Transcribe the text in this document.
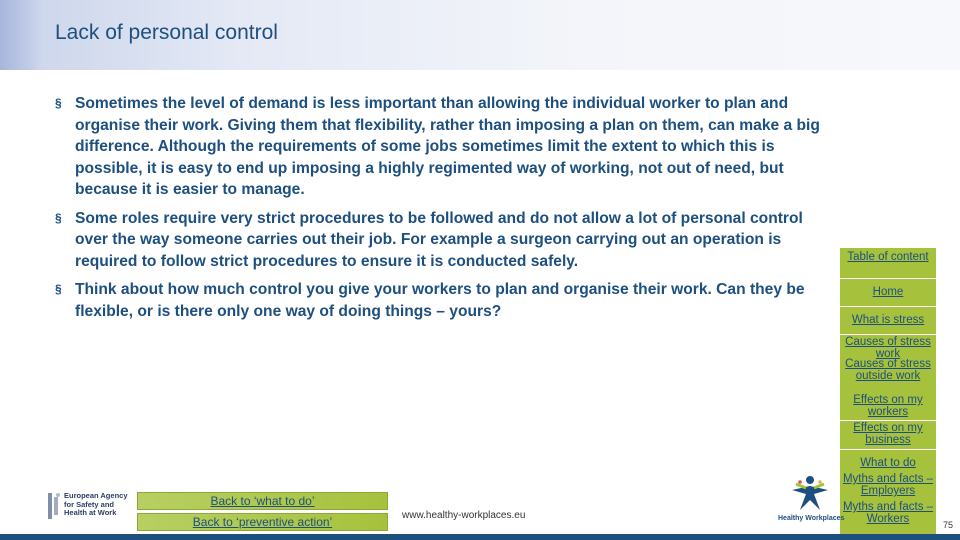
Lack of personal control
§ Sometimes the level of demand is less important than allowing the individual worker to plan and organise their work. Giving them that flexibility, rather than imposing a plan on them, can make a big difference. Although the requirements of some jobs sometimes limit the extent to which this is possible, it is easy to end up imposing a highly regimented way of working, not out of need, but because it is easier to manage.
§ Some roles require very strict procedures to be followed and do not allow a lot of personal control over the way someone carries out their job. For example a surgeon carrying out an operation is required to follow strict procedures to ensure it is conducted safely.
§ Think about how much control you give your workers to plan and organise their work. Can they be flexible, or is there only one way of doing things – yours?
Table of content
Home
What is stress
Causes of stress work
Causes of stress outside work
Effects on my workers
Effects on my business
What to do
Myths and facts – Employers
Myths and facts – Workers
European Agency for Safety and Health at Work
Back to ‘what to do’
Back to ‘preventive action’	www.healthy-workplaces.eu	Healthy Workplaces
75
